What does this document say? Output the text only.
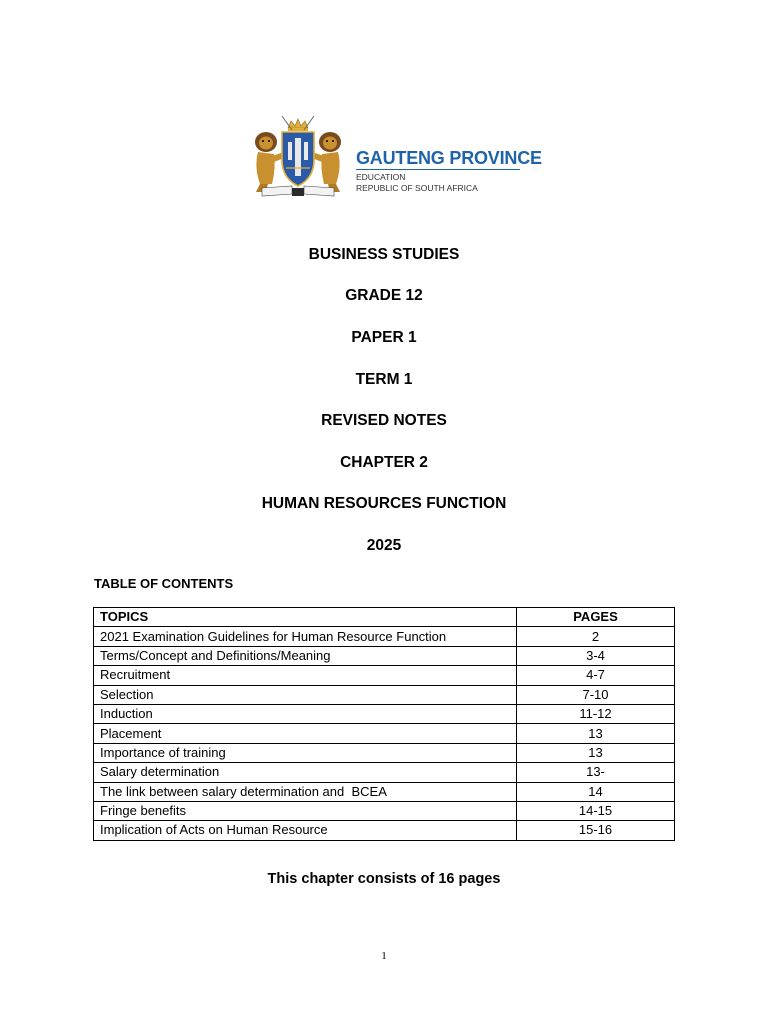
GAUTENG PROVINCE
EDUCATION
REPUBLIC OF SOUTH AFRICA
BUSINESS STUDIES
GRADE 12
PAPER 1
TERM 1
REVISED NOTES
CHAPTER 2
HUMAN RESOURCES FUNCTION
2025
TABLE OF CONTENTS
TOPICS	PAGES
2021 Examination Guidelines for Human Resource Function	2
Terms/Concept and Definitions/Meaning	3-4
Recruitment	4-7
Selection	7-10
Induction	11-12
Placement	13
Importance of training	13
Salary determination	13-
The link between salary determination and  BCEA	14
Fringe benefits	14-15
Implication of Acts on Human Resource	15-16
This chapter consists of 16 pages
1
